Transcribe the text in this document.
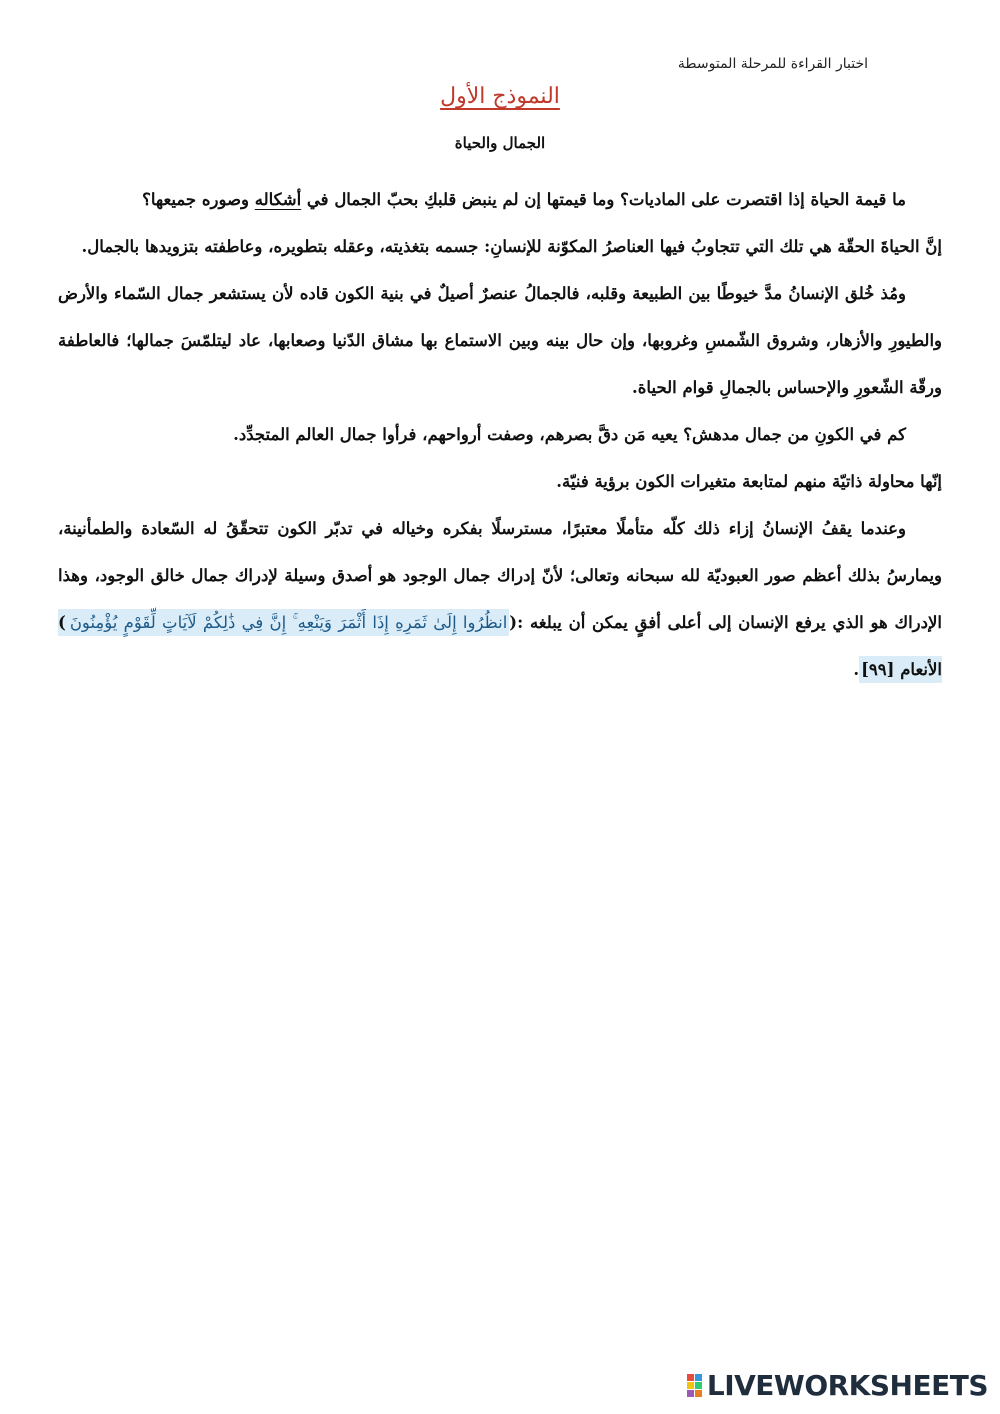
اختبار القراءة للمرحلة المتوسطة
النموذج الأول
الجمال والحياة

ما قيمة الحياة إذا اقتصرت على الماديات؟ وما قيمتها إن لم ينبض قلبكِ بحبّ الجمال في أشكاله وصوره جميعها؟

إنَّ الحياةَ الحقّة هي تلك التي تتجاوبُ فيها العناصرُ المكوّنة للإنسانِ: جسمه بتغذيته، وعقله بتطويره، وعاطفته بتزويدها بالجمال.

ومُذ خُلق الإنسانُ مدَّ خيوطًا بين الطبيعة وقلبه، فالجمالُ عنصرٌ أصيلٌ في بنية الكون قاده لأن يستشعر جمال السّماء والأرض والطيورِ والأزهار، وشروق الشّمسِ وغروبها، وإن حال بينه وبين الاستماع بها مشاق الدّنيا وصعابها، عاد ليتلمّسَ جمالها؛ فالعاطفة ورقّة الشّعورِ والإحساس بالجمالِ قوام الحياة.

كم في الكونِ من جمال مدهش؟ يعيه مَن دقَّ بصرهم، وصفت أرواحهم، فرأوا جمال العالم المتجدِّد.

إنّها محاولة ذاتيّة منهم لمتابعة متغيرات الكون برؤية فنيّة.

وعندما يقفُ الإنسانُ إزاء ذلك كلّه متأملًا معتبرًا، مسترسلًا بفكره وخياله في تدبّر الكون تتحقّقُ له السّعادة والطمأنينة، ويمارسُ بذلك أعظم صور العبوديّة لله سبحانه وتعالى؛ لأنّ إدراك جمال الوجود هو أصدق وسيلة لإدراك جمال خالق الوجود، وهذا الإدراك هو الذي يرفع الإنسان إلى أعلى أفقٍ يمكن أن يبلغه :(انظُرُوا إِلَىٰ ثَمَرِهِ إِذَا أَثْمَرَ وَيَنْعِهِ ۚ إِنَّ فِي ذَٰلِكُمْ لَآيَاتٍ لِّقَوْمٍ يُؤْمِنُونَ) الأنعام [٩٩].

LIVEWORKSHEETS
